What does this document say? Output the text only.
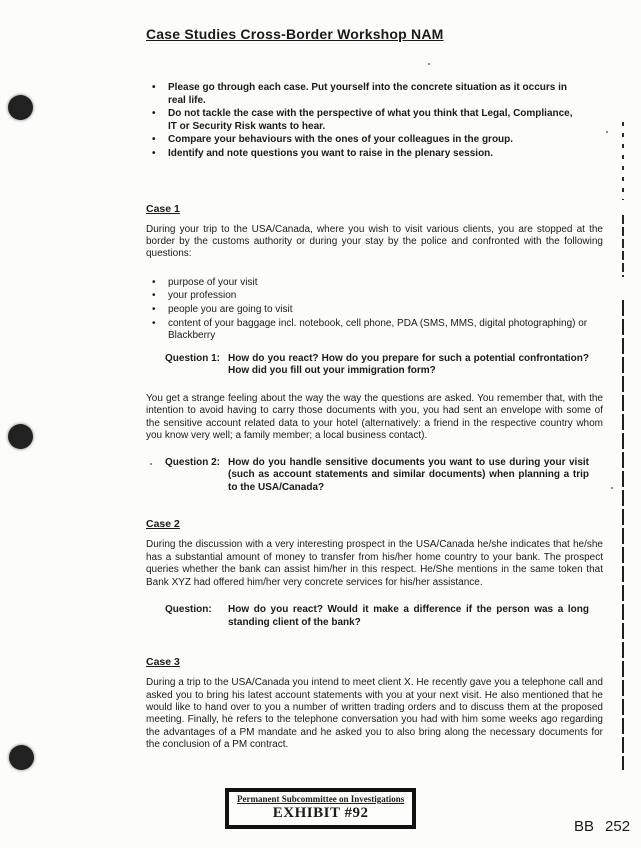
Case Studies Cross-Border Workshop NAM
• Please go through each case. Put yourself into the concrete situation as it occurs in real life.
• Do not tackle the case with the perspective of what you think that Legal, Compliance, IT or Security Risk wants to hear.
• Compare your behaviours with the ones of your colleagues in the group.
• Identify and note questions you want to raise in the plenary session.
Case 1

During your trip to the USA/Canada, where you wish to visit various clients, you are stopped at the border by the customs authority or during your stay by the police and confronted with the following questions:

• purpose of your visit
• your profession
• people you are going to visit
• content of your baggage incl. notebook, cell phone, PDA (SMS, MMS, digital photographing) or Blackberry
Question 1: How do you react? How do you prepare for such a potential confrontation? How did you fill out your immigration form?

You get a strange feeling about the way the way the questions are asked. You remember that, with the intention to avoid having to carry those documents with you, you had sent an envelope with some of the sensitive account related data to your hotel (alternatively: a friend in the respective country whom you know very well; a family member; a local business contact).

Question 2: How do you handle sensitive documents you want to use during your visit (such as account statements and similar documents) when planning a trip to the USA/Canada?
Case 2

During the discussion with a very interesting prospect in the USA/Canada he/she indicates that he/she has a substantial amount of money to transfer from his/her home country to your bank. The prospect queries whether the bank can assist him/her in this respect. He/She mentions in the same token that Bank XYZ had offered him/her very concrete services for his/her assistance.

Question:	How do you react? Would it make a difference if the person was a long standing client of the bank?
Case 3

During a trip to the USA/Canada you intend to meet client X. He recently gave you a telephone call and asked you to bring his latest account statements with you at your next visit. He also mentioned that he would like to hand over to you a number of written trading orders and to discuss them at the proposed meeting. Finally, he refers to the telephone conversation you had with him some weeks ago regarding the advantages of a PM mandate and he asked you to also bring along the necessary documents for the conclusion of a PM contract.

Permanent Subcommittee on Investigations
EXHIBIT #92
BB 252
